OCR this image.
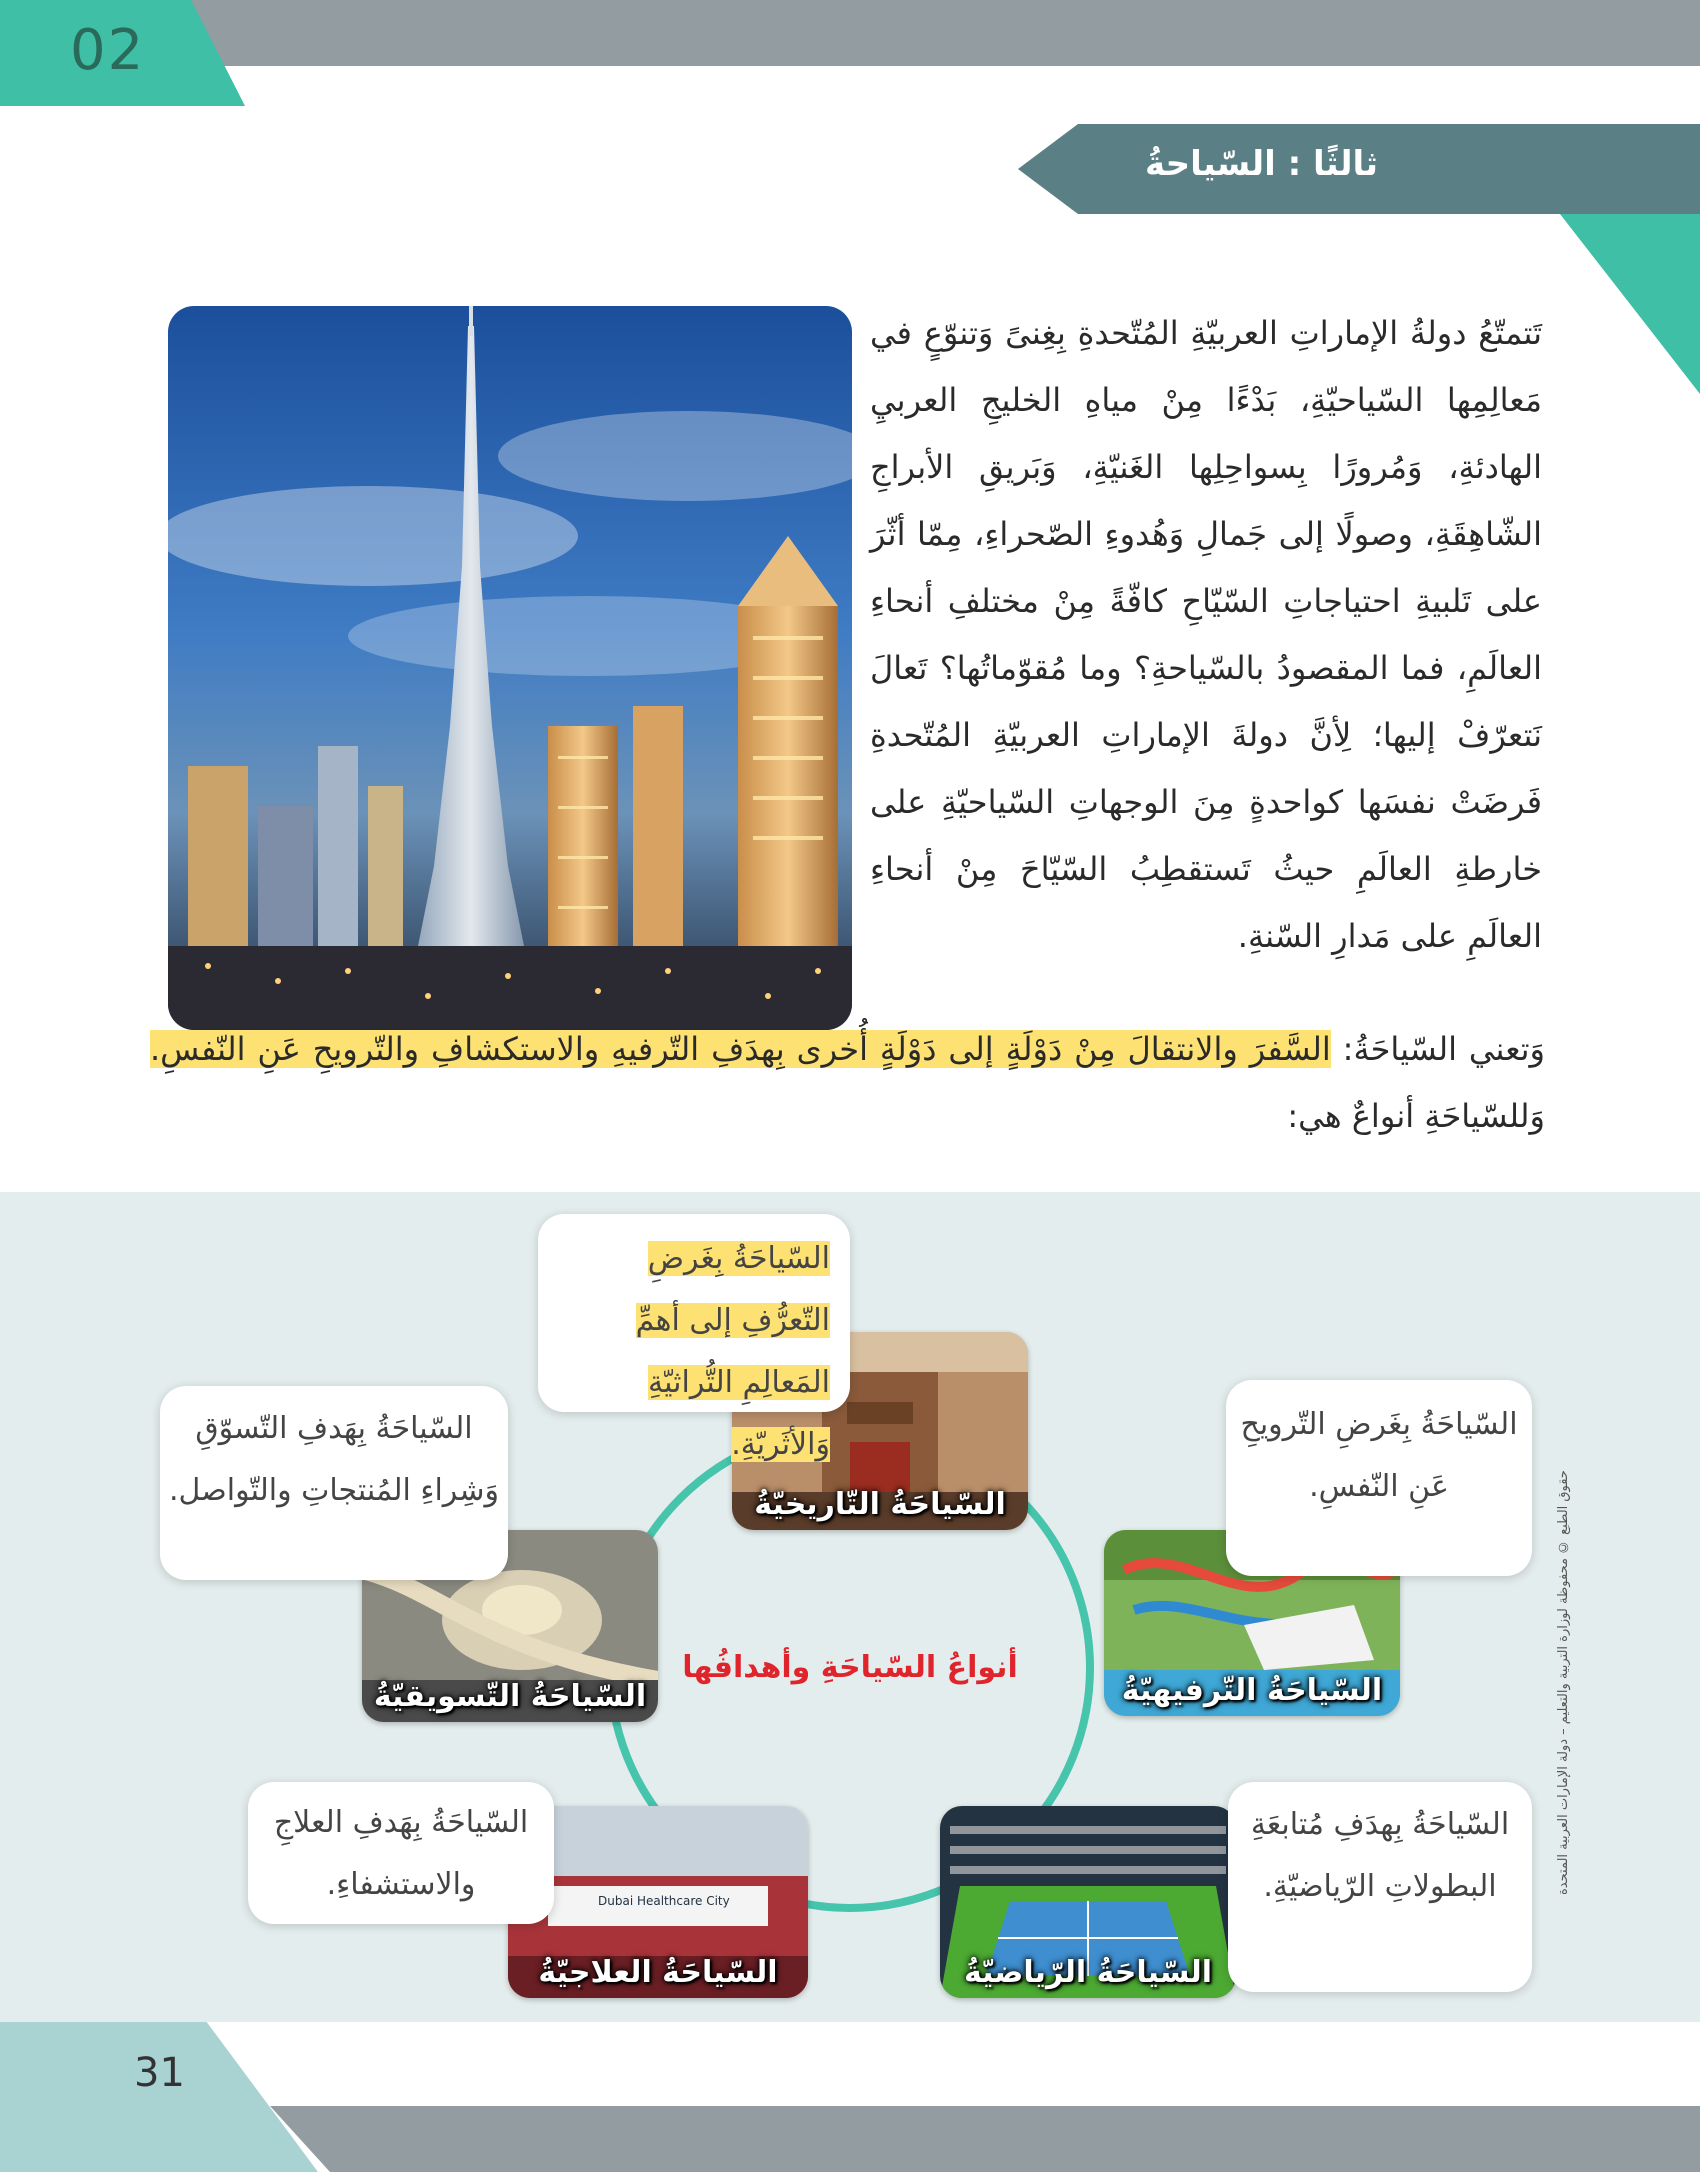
02
ثالثًا : السّياحةُ
تَتمتّعُ دولةُ الإماراتِ العربيّةِ المُتّحدةِ بِغِنىً وَتنوّعٍ في مَعالِمِها السّياحيّةِ، بَدْءًا مِنْ مياهِ الخليجِ العربيِ الهادئةِ، وَمُرورًا بِسواحِلِها الغَنيّةِ، وَبَريقِ الأبراجِ الشّاهِقَةِ، وصولًا إلى جَمالِ وَهُدوءِ الصّحراءِ، مِمّا أثّرَ على تَلبيةِ احتياجاتِ السّيّاحِ كافّةً مِنْ مختلفِ أنحاءِ العالَمِ، فما المقصودُ بالسّياحةِ؟ وما مُقوّماتُها؟ تَعالَ نَتعرّفْ إليها؛ لِأنَّ دولةَ الإماراتِ العربيّةِ المُتّحدةِ فَرضَتْ نفسَها كواحدةٍ مِنَ الوجهاتِ السّياحيّةِ على خارطةِ العالَمِ حيثُ تَستقطِبُ السّيّاحَ مِنْ أنحاءِ العالَمِ على مَدارِ السّنةِ.
وَتعني السّياحَةُ: السَّفرَ والانتقالَ مِنْ دَوْلَةٍ إلى دَوْلَةٍ أُخرى بِهدَفِ التّرفيهِ والاستكشافِ والتّرويحِ عَنِ النّفسِ. وَللسّياحَةِ أنواعٌ هي:
أنواعُ السّياحَةِ وأهدافُها
السّياحَةُ التّاريخيّةُ
السّياحَةُ التّرفيهيّةُ
السّياحَةُ الرّياضيّةُ
Dubai Healthcare City
السّياحَةُ العلاجيّةُ
السّياحَةُ التّسويقيّةُ
السّياحَةُ بِغَرضِ التّعرُّفِ إلى أهمِّ المَعالِمِ التُّراثيّةِ وَالأثَريّةِ.
السّياحَةُ بِغَرضِ التّرويحِ عَنِ النّفسِ.
السّياحَةُ بِهدَفِ مُتابعَةِ البطولاتِ الرّياضيّةِ.
السّياحَةُ بِهَدفِ العلاجِ والاستشفاءِ.
السّياحَةُ بِهَدفِ التّسوّقِ وَشِراءِ المُنتجاتِ والتّواصل.	حقوق الطبع © محفوظة لوزارة التربية والتعليم – دولة الإمارات العربية المتحدة
31
